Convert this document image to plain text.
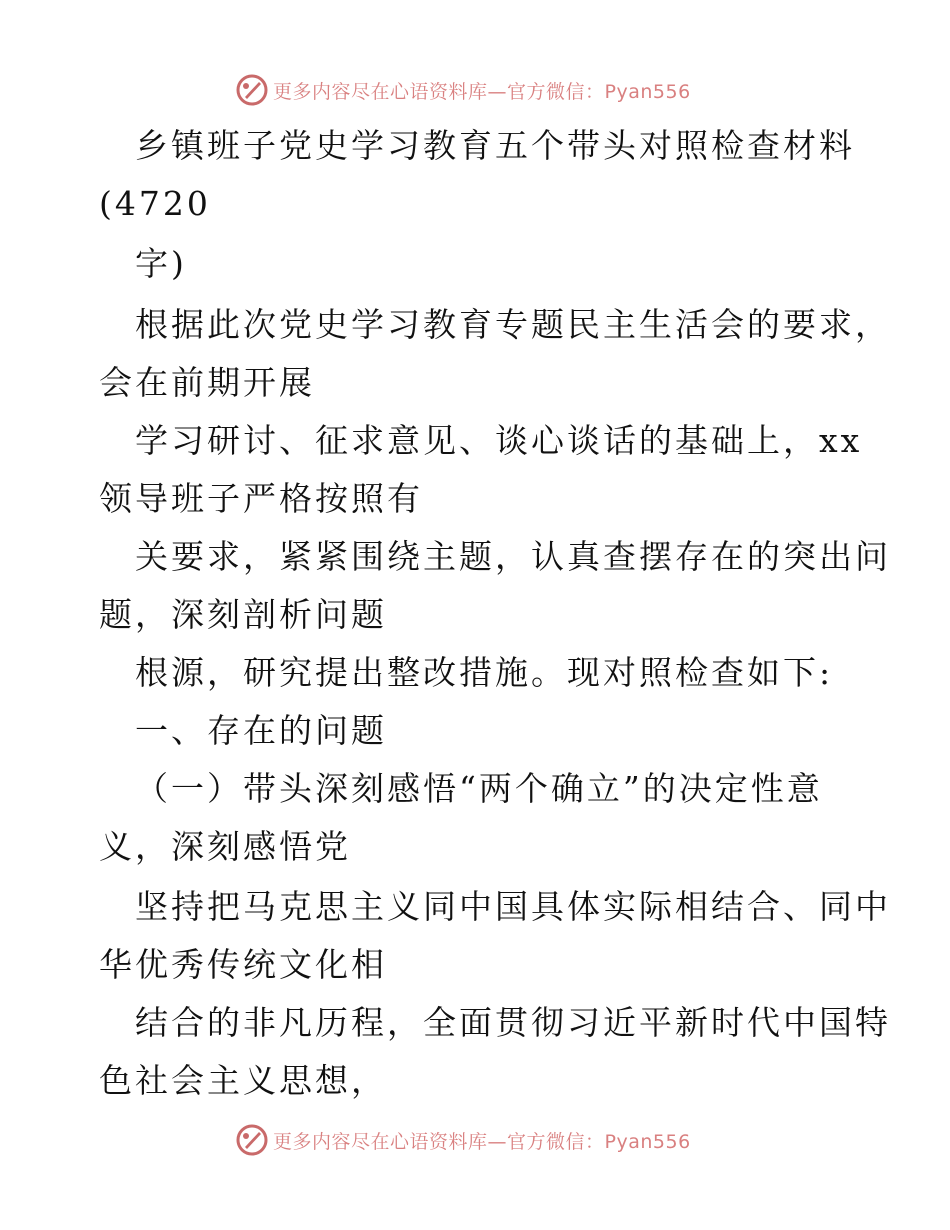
更多内容尽在心语资料库—官方微信：Pyan556
乡镇班子党史学习教育五个带头对照检查材料
(4720
字)
根据此次党史学习教育专题民主生活会的要求，
会在前期开展
学习研讨、征求意见、谈心谈话的基础上，xx
领导班子严格按照有
关要求，紧紧围绕主题，认真查摆存在的突出问
题，深刻剖析问题
根源，研究提出整改措施。现对照检查如下:
一、存在的问题
（一）带头深刻感悟“两个确立”的决定性意
义，深刻感悟党
坚持把马克思主义同中国具体实际相结合、同中
华优秀传统文化相
结合的非凡历程，全面贯彻习近平新时代中国特
色社会主义思想，
更多内容尽在心语资料库—官方微信：Pyan556
